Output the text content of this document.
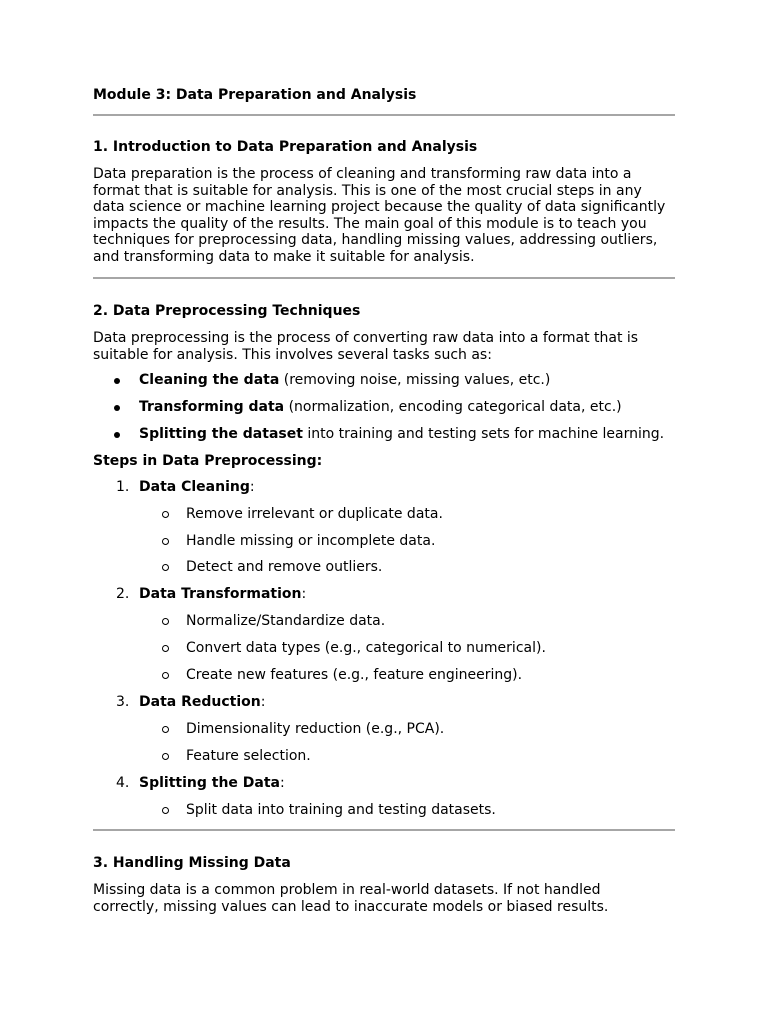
Module 3: Data Preparation and Analysis
1. Introduction to Data Preparation and Analysis
Data preparation is the process of cleaning and transforming raw data into a
format that is suitable for analysis. This is one of the most crucial steps in any
data science or machine learning project because the quality of data significantly
impacts the quality of the results. The main goal of this module is to teach you
techniques for preprocessing data, handling missing values, addressing outliers,
and transforming data to make it suitable for analysis.
2. Data Preprocessing Techniques
Data preprocessing is the process of converting raw data into a format that is
suitable for analysis. This involves several tasks such as:
Cleaning the data (removing noise, missing values, etc.)
Transforming data (normalization, encoding categorical data, etc.)
Splitting the dataset into training and testing sets for machine learning.
Steps in Data Preprocessing:
1. Data Cleaning:
Remove irrelevant or duplicate data.
Handle missing or incomplete data.
Detect and remove outliers.
2. Data Transformation:
Normalize/Standardize data.
Convert data types (e.g., categorical to numerical).
Create new features (e.g., feature engineering).
3. Data Reduction:
Dimensionality reduction (e.g., PCA).
Feature selection.
4. Splitting the Data:
Split data into training and testing datasets.
3. Handling Missing Data
Missing data is a common problem in real-world datasets. If not handled
correctly, missing values can lead to inaccurate models or biased results.
